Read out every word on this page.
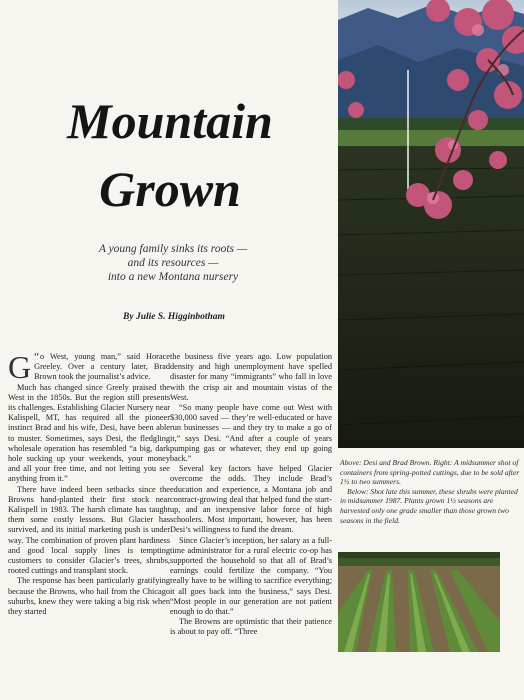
Mountain
Grown
A young family sinks its roots —
and its resources —
into a new Montana nursery
By Julie S. Higginbotham

“
G o West, young man,” said Horace Greeley. Over a century later, Brad Brown took the journalist’s advice.

Much has changed since Greely praised the West in the 1850s. But the region still presents its challenges. Establishing Glacier Nursery near Kalispell, MT, has required all the pioneer instinct Brad and his wife, Desi, have been able to muster. Sometimes, says Desi, the fledgling wholesale operation has resembled “a big, dark hole sucking up your weekends, your money and all your free time, and not letting you see anything from it.”

There have indeed been setbacks since the Browns hand-planted their first stock near Kalispell in 1983. The harsh climate has taught them some costly lessons. But Glacier has survived, and its initial marketing push is under way. The combination of proven plant hardiness and good local supply lines is tempting customers to consider Glacier’s trees, shrubs, rooted cuttings and transplant stock.

The response has been particularly gratifying because the Browns, who hail from the Chicago suburbs, knew they were taking a big risk when they started

the business five years ago. Low population density and high unemployment have spelled disaster for many “immigrants” who fall in love with the crisp air and mountain vistas of the West.

“So many people have come out West with $30,000 saved — they’re well-educated or have run businesses — and they try to make a go of it,” says Desi. “And after a couple of years pumping gas or whatever, they end up going back.”

Several key factors have helped Glacier overcome the odds. They include Brad’s education and experience, a Montana job and contract-growing deal that helped fund the start-up, and an inexpensive labor force of high schoolers. Most important, however, has been Desi’s willingness to fund the dream.

Since Glacier’s inception, her salary as a full-time administrator for a rural electric co-op has supported the household so that all of Brad’s earnings could fertilize the company. “You really have to be willing to sacrifice everything; it all goes back into the business,” says Desi. “Most people in our generation are not patient enough to do that.”

The Browns are optimistic that their patience is about to pay off. “Three

Above: Desi and Brad Brown. Right: A midsummer shot of containers from spring-potted cuttings, due to be sold after 1½ to two summers.

Below: Shot late this summer, these shrubs were planted in midsummer 1987. Plants grown 1½ seasons are harvested only one grade smaller than those grown two seasons in the field.
